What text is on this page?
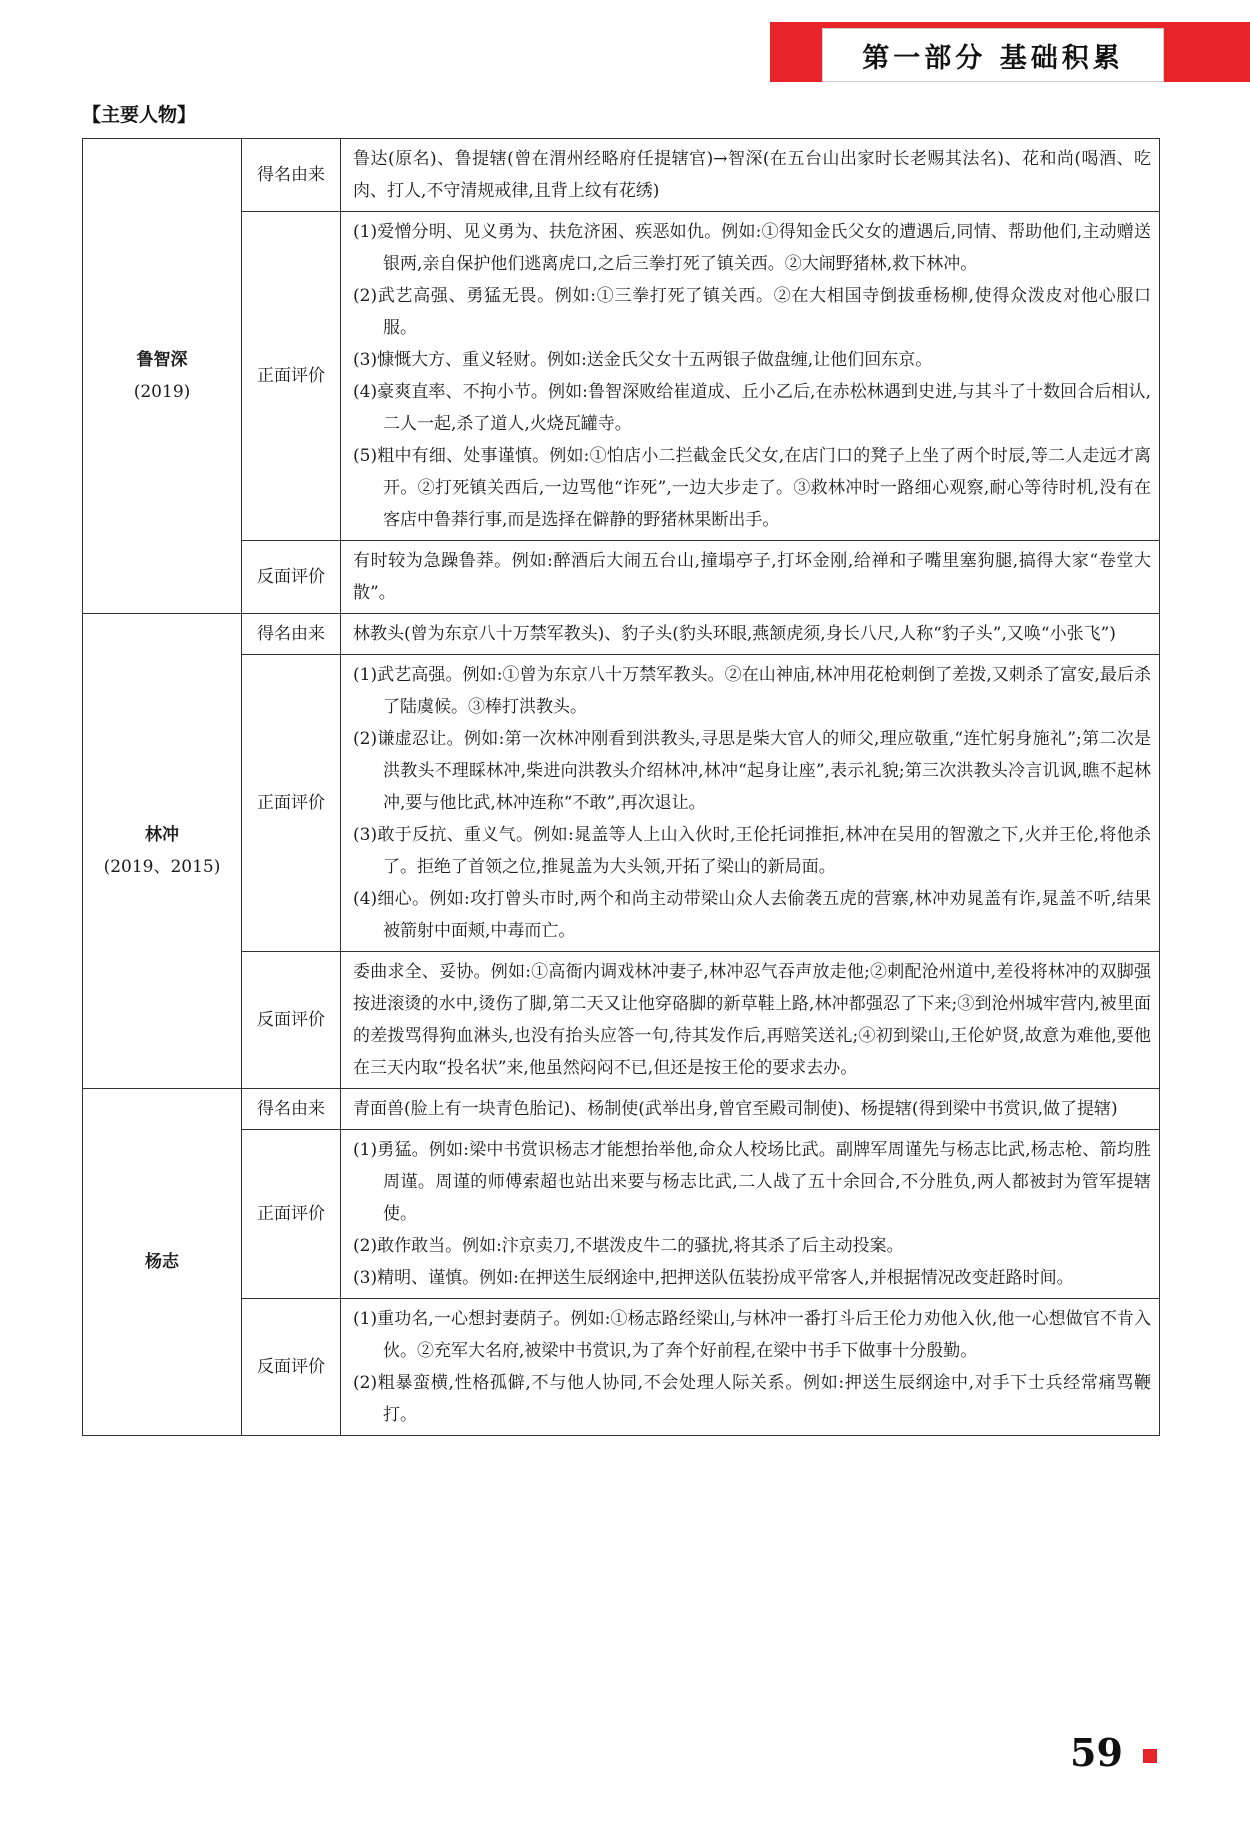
第一部分 基础积累
【主要人物】
鲁智深
(2019)	得名由来	鲁达(原名)、鲁提辖(曾在渭州经略府任提辖官)→智深(在五台山出家时长老赐其法名)、花和尚(喝酒、吃肉、打人,不守清规戒律,且背上纹有花绣)

	正面评价	(1)爱憎分明、见义勇为、扶危济困、疾恶如仇。例如:①得知金氏父女的遭遇后,同情、帮助他们,主动赠送银两,亲自保护他们逃离虎口,之后三拳打死了镇关西。②大闹野猪林,救下林冲。
(2)武艺高强、勇猛无畏。例如:①三拳打死了镇关西。②在大相国寺倒拔垂杨柳,使得众泼皮对他心服口服。
(3)慷慨大方、重义轻财。例如:送金氏父女十五两银子做盘缠,让他们回东京。
(4)豪爽直率、不拘小节。例如:鲁智深败给崔道成、丘小乙后,在赤松林遇到史进,与其斗了十数回合后相认,二人一起,杀了道人,火烧瓦罐寺。
(5)粗中有细、处事谨慎。例如:①怕店小二拦截金氏父女,在店门口的凳子上坐了两个时辰,等二人走远才离开。②打死镇关西后,一边骂他“诈死”,一边大步走了。③救林冲时一路细心观察,耐心等待时机,没有在客店中鲁莽行事,而是选择在僻静的野猪林果断出手。

	反面评价	有时较为急躁鲁莽。例如:醉酒后大闹五台山,撞塌亭子,打坏金刚,给禅和子嘴里塞狗腿,搞得大家“卷堂大散”。

林冲
(2019、2015)	得名由来	林教头(曾为东京八十万禁军教头)、豹子头(豹头环眼,燕颔虎须,身长八尺,人称“豹子头”,又唤“小张飞”)

	正面评价	(1)武艺高强。例如:①曾为东京八十万禁军教头。②在山神庙,林冲用花枪刺倒了差拨,又刺杀了富安,最后杀了陆虞候。③棒打洪教头。
(2)谦虚忍让。例如:第一次林冲刚看到洪教头,寻思是柴大官人的师父,理应敬重,“连忙躬身施礼”;第二次是洪教头不理睬林冲,柴进向洪教头介绍林冲,林冲“起身让座”,表示礼貌;第三次洪教头冷言讥讽,瞧不起林冲,要与他比武,林冲连称“不敢”,再次退让。
(3)敢于反抗、重义气。例如:晁盖等人上山入伙时,王伦托词推拒,林冲在吴用的智激之下,火并王伦,将他杀了。拒绝了首领之位,推晁盖为大头领,开拓了梁山的新局面。
(4)细心。例如:攻打曾头市时,两个和尚主动带梁山众人去偷袭五虎的营寨,林冲劝晁盖有诈,晁盖不听,结果被箭射中面颊,中毒而亡。

	反面评价	委曲求全、妥协。例如:①高衙内调戏林冲妻子,林冲忍气吞声放走他;②刺配沧州道中,差役将林冲的双脚强按进滚烫的水中,烫伤了脚,第二天又让他穿硌脚的新草鞋上路,林冲都强忍了下来;③到沧州城牢营内,被里面的差拨骂得狗血淋头,也没有抬头应答一句,待其发作后,再赔笑送礼;④初到梁山,王伦妒贤,故意为难他,要他在三天内取“投名状”来,他虽然闷闷不已,但还是按王伦的要求去办。

杨志	得名由来	青面兽(脸上有一块青色胎记)、杨制使(武举出身,曾官至殿司制使)、杨提辖(得到梁中书赏识,做了提辖)

	正面评价	(1)勇猛。例如:梁中书赏识杨志才能想抬举他,命众人校场比武。副牌军周谨先与杨志比武,杨志枪、箭均胜周谨。周谨的师傅索超也站出来要与杨志比武,二人战了五十余回合,不分胜负,两人都被封为管军提辖使。
(2)敢作敢当。例如:汴京卖刀,不堪泼皮牛二的骚扰,将其杀了后主动投案。
(3)精明、谨慎。例如:在押送生辰纲途中,把押送队伍装扮成平常客人,并根据情况改变赶路时间。

	反面评价	(1)重功名,一心想封妻荫子。例如:①杨志路经梁山,与林冲一番打斗后王伦力劝他入伙,他一心想做官不肯入伙。②充军大名府,被梁中书赏识,为了奔个好前程,在梁中书手下做事十分殷勤。
(2)粗暴蛮横,性格孤僻,不与他人协同,不会处理人际关系。例如:押送生辰纲途中,对手下士兵经常痛骂鞭打。
59
